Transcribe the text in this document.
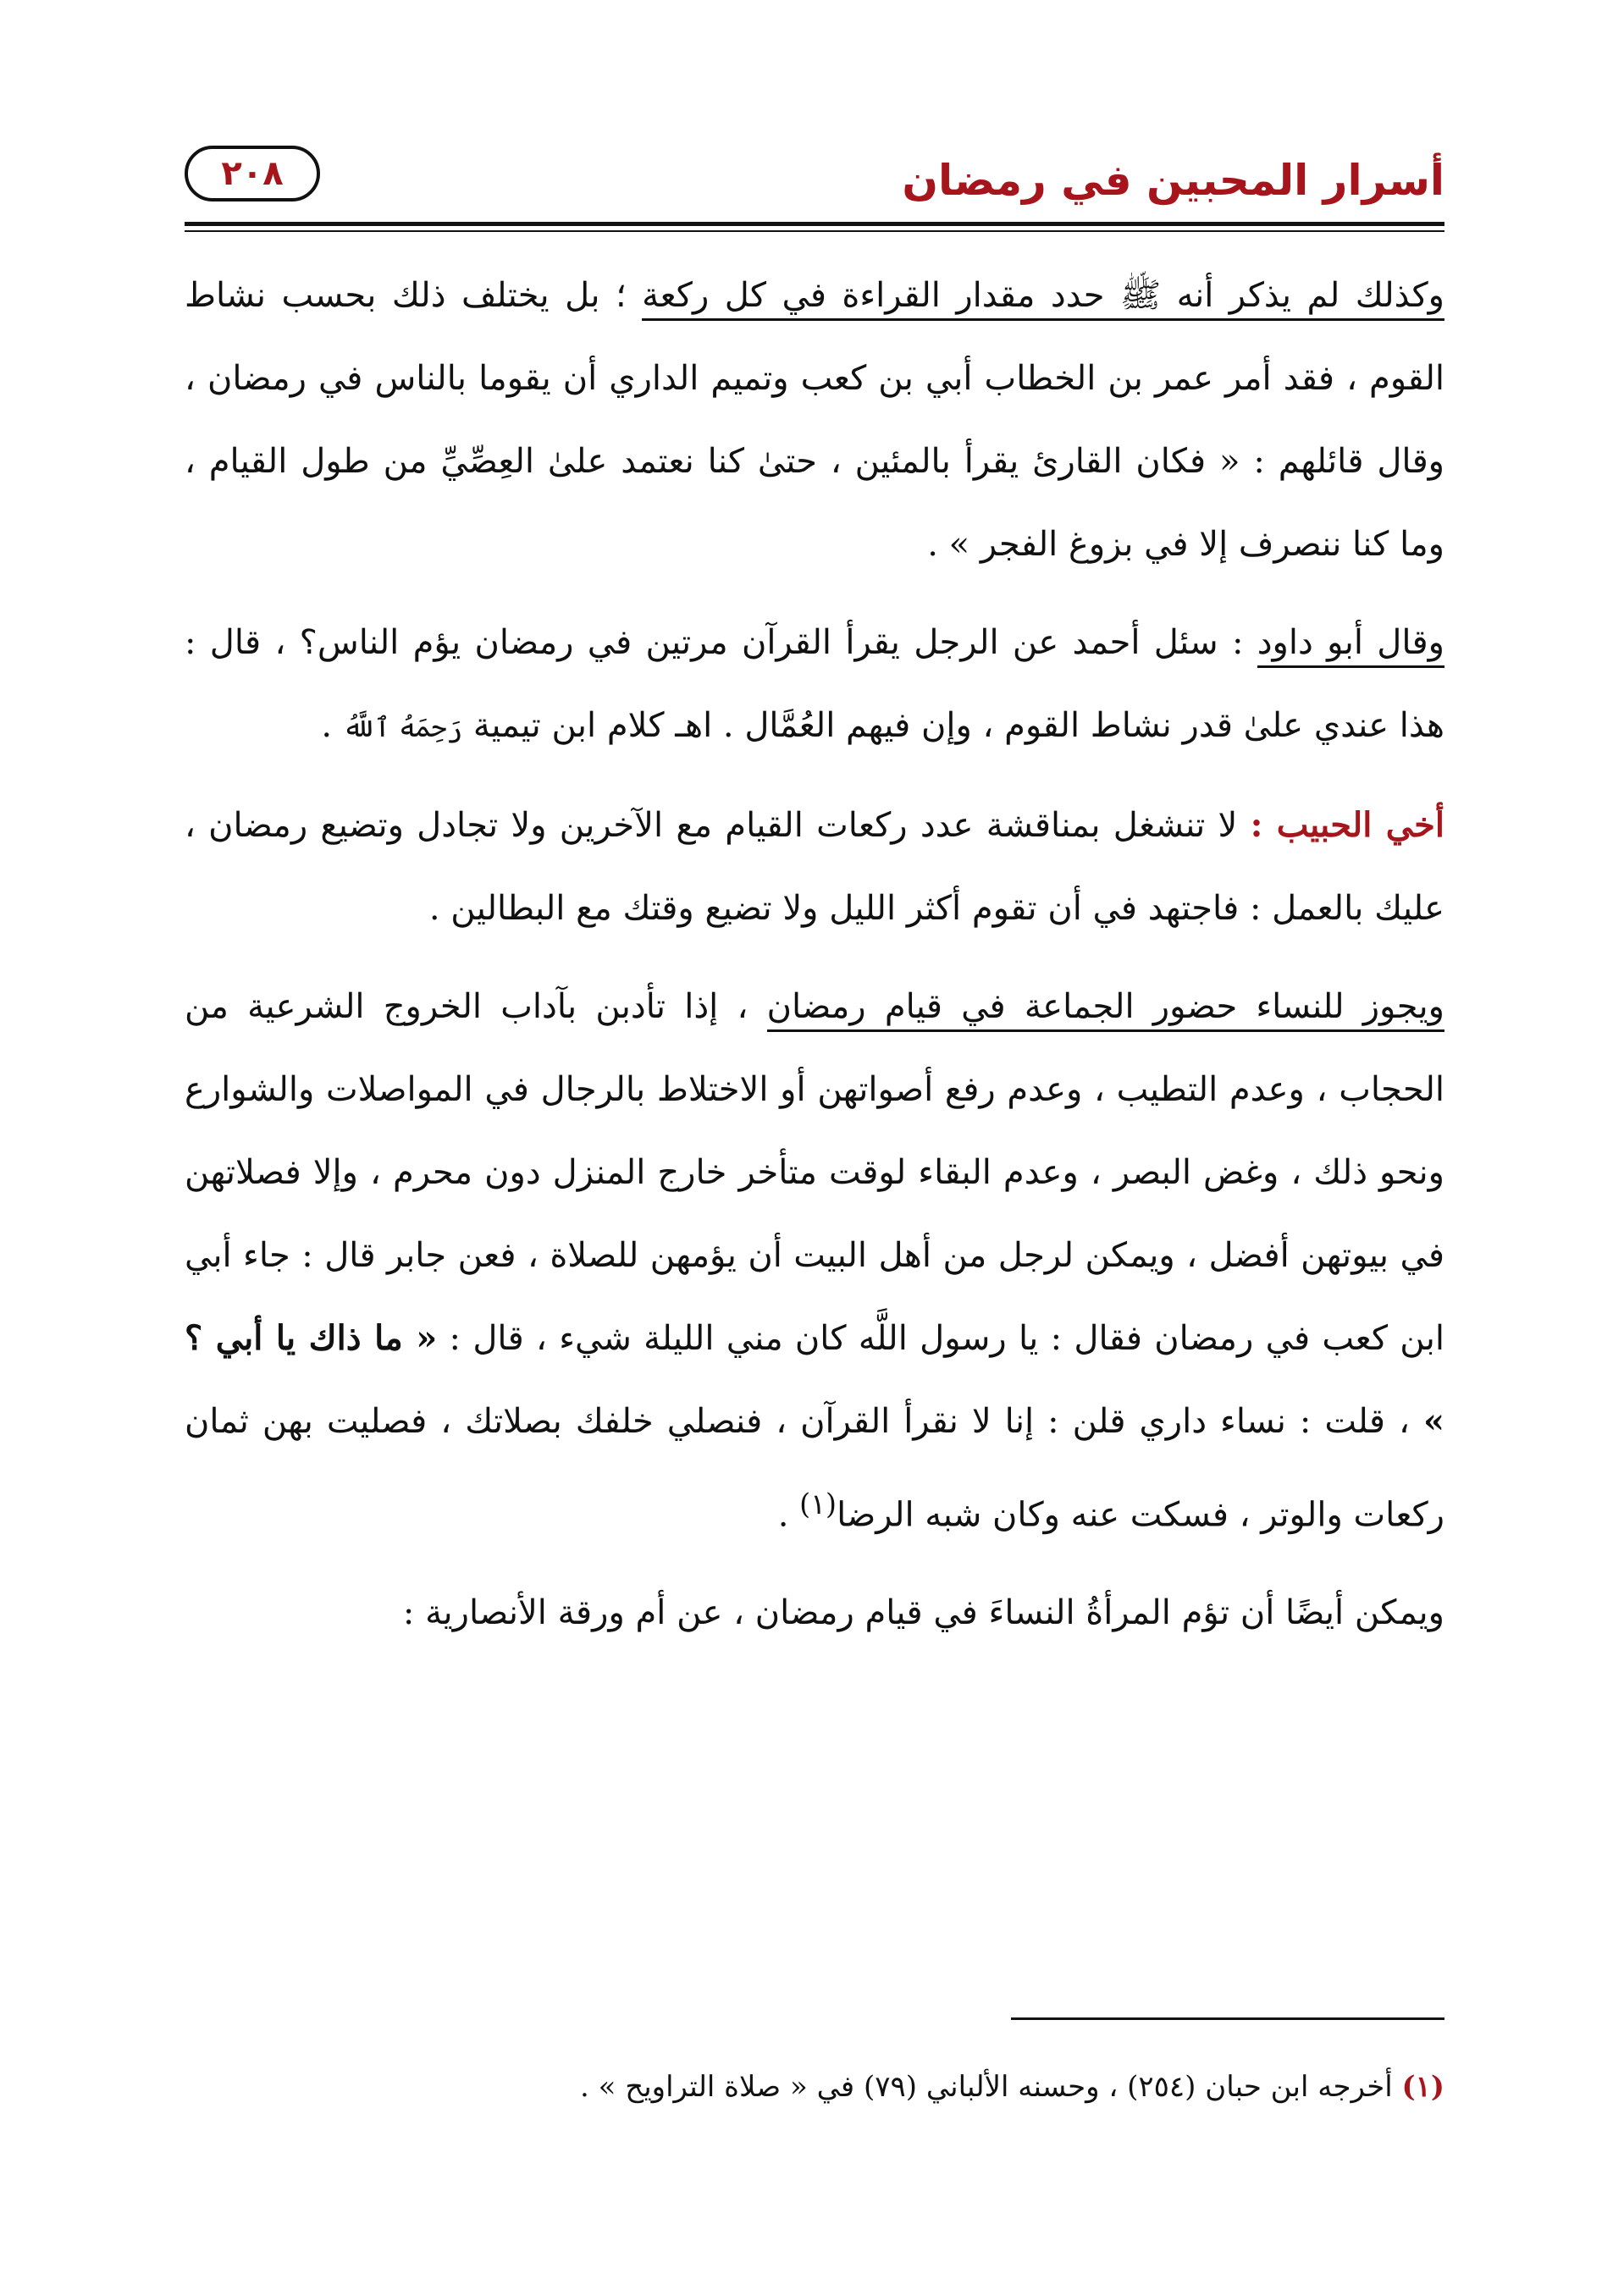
أسرار المحبين في رمضان
٢٠٨

وكذلك لم يذكر أنه ﷺ حدد مقدار القراءة في كل ركعة ؛ بل يختلف ذلك بحسب نشاط القوم ، فقد أمر عمر بن الخطاب أبي بن كعب وتميم الداري أن يقوما بالناس في رمضان ، وقال قائلهم : « فكان القارئ يقرأ بالمئين ، حتىٰ كنا نعتمد علىٰ العِصِّيِّ من طول القيام ، وما كنا ننصرف إلا في بزوغ الفجر » .

وقال أبو داود : سئل أحمد عن الرجل يقرأ القرآن مرتين في رمضان يؤم الناس؟ ، قال : هذا عندي علىٰ قدر نشاط القوم ، وإن فيهم العُمَّال . اهـ كلام ابن تيمية رَحِمَهُ ٱللَّهُ .

أخي الحبيب : لا تنشغل بمناقشة عدد ركعات القيام مع الآخرين ولا تجادل وتضيع رمضان ، عليك بالعمل : فاجتهد في أن تقوم أكثر الليل ولا تضيع وقتك مع البطالين .

ويجوز للنساء حضور الجماعة في قيام رمضان ، إذا تأدبن بآداب الخروج الشرعية من الحجاب ، وعدم التطيب ، وعدم رفع أصواتهن أو الاختلاط بالرجال في المواصلات والشوارع ونحو ذلك ، وغض البصر ، وعدم البقاء لوقت متأخر خارج المنزل دون محرم ، وإلا فصلاتهن في بيوتهن أفضل ، ويمكن لرجل من أهل البيت أن يؤمهن للصلاة ، فعن جابر قال : جاء أبي ابن كعب في رمضان فقال : يا رسول اللَّه كان مني الليلة شيء ، قال : « ما ذاك يا أبي ؟ » ، قلت : نساء داري قلن : إنا لا نقرأ القرآن ، فنصلي خلفك بصلاتك ، فصليت بهن ثمان ركعات والوتر ، فسكت عنه وكان شبه الرضا$^{(١)}$ .

ويمكن أيضًا أن تؤم المرأةُ النساءَ في قيام رمضان ، عن أم ورقة الأنصارية :

(١) أخرجه ابن حبان (٢٥٤) ، وحسنه الألباني (٧٩) في « صلاة التراويح » .
